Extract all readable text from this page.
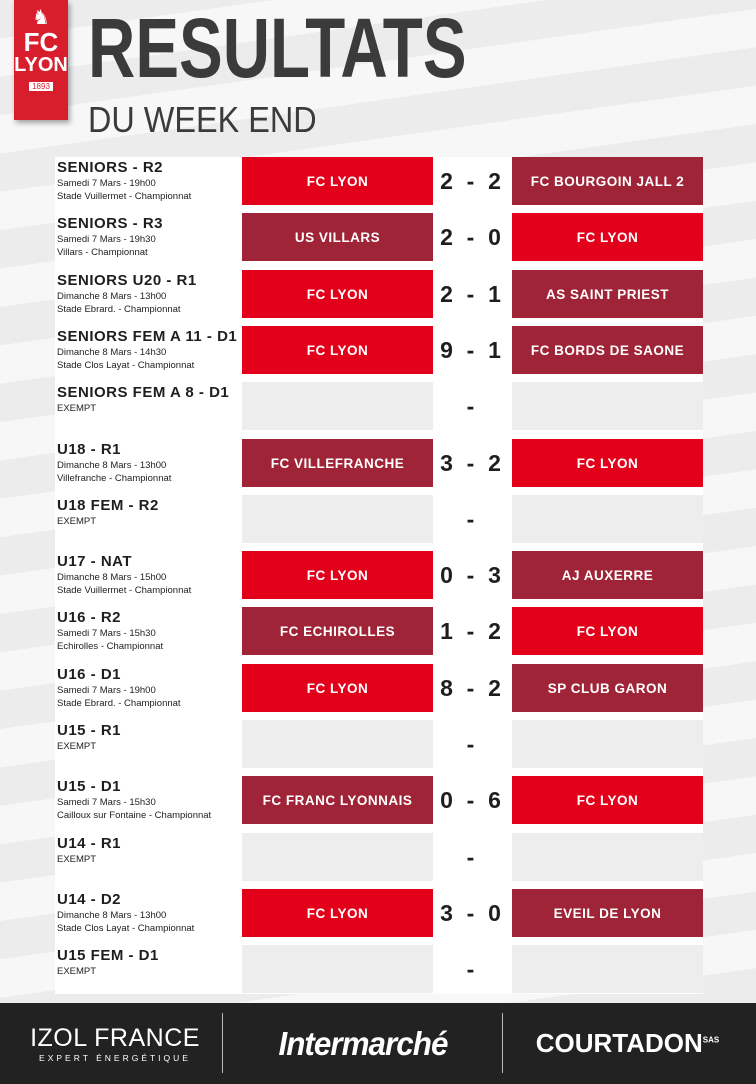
♞
FC
LYON
1893 RESULTATS
DU WEEK END
SENIORS - R2
Samedi 7 Mars - 19h00
Stade Vuillermet - Championnat
FC LYON	2 - 2	FC BOURGOIN JALL 2
SENIORS - R3
Samedi 7 Mars - 19h30
Villars - Championnat
US VILLARS	2 - 0	FC LYON
SENIORS U20 - R1
Dimanche 8 Mars - 13h00
Stade Ebrard. - Championnat
FC LYON	2 - 1	AS SAINT PRIEST
SENIORS FEM A 11 - D1
Dimanche 8 Mars - 14h30
Stade Clos Layat - Championnat
FC LYON	9 - 1	FC BORDS DE SAONE
SENIORS FEM A 8 - D1
EXEMPT	-
U18 - R1
Dimanche 8 Mars - 13h00
Villefranche - Championnat
FC VILLEFRANCHE	3 - 2	FC LYON
U18 FEM - R2
EXEMPT	-
U17 - NAT
Dimanche 8 Mars - 15h00
Stade Vuillermet - Championnat
FC LYON	0 - 3	AJ AUXERRE
U16 - R2
Samedi 7 Mars - 15h30
Echirolles - Championnat
FC ECHIROLLES	1 - 2	FC LYON
U16 - D1
Samedi 7 Mars - 19h00
Stade Ebrard. - Championnat
FC LYON	8 - 2	SP CLUB GARON
U15 - R1
EXEMPT	-
U15 - D1
Samedi 7 Mars - 15h30
Cailloux sur Fontaine - Championnat
FC FRANC LYONNAIS	0 - 6	FC LYON
U14 - R1
EXEMPT	-
U14 - D2
Dimanche 8 Mars - 13h00
Stade Clos Layat - Championnat
FC LYON	3 - 0	EVEIL DE LYON
U15 FEM - D1
EXEMPT	-
IZOL FRANCE
EXPERT ÉNERGÉTIQUE	Intermarché	$COURTADON^{SAS}$
